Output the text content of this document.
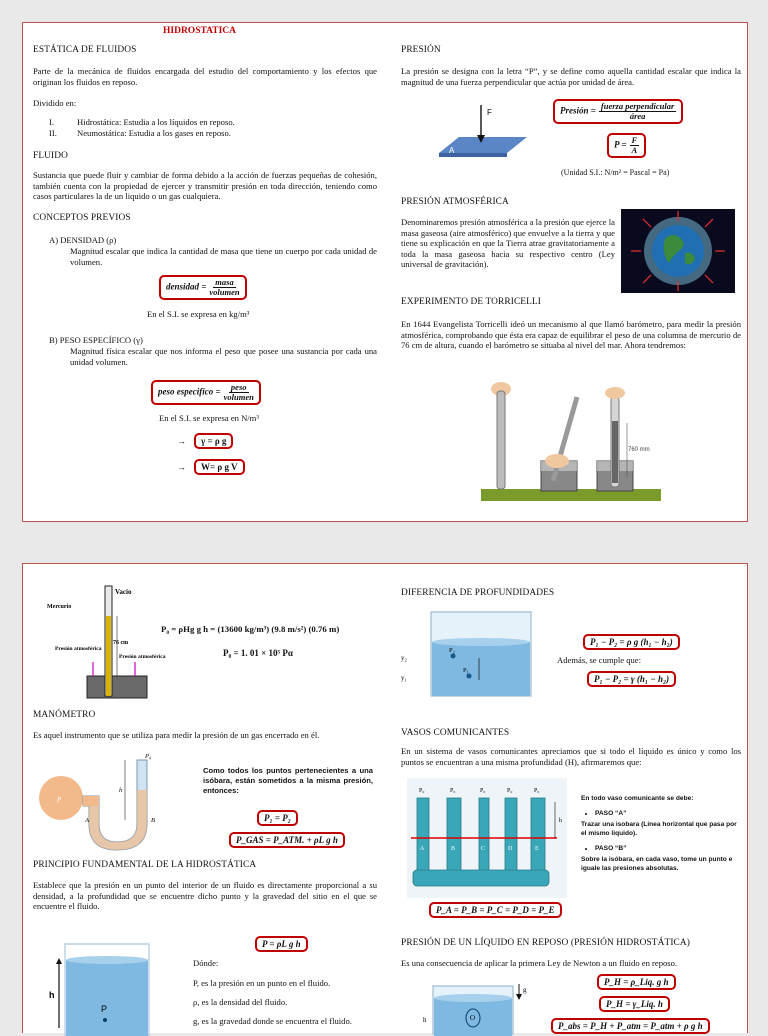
HIDROSTATICA

ESTÁTICA DE FLUIDOS

Parte de la mecánica de fluidos encargada del estudio del comportamiento y los efectos que originan los fluidos en reposo.

Dividido en:

I.	Hidrostática: Estudia a los líquidos en reposo.
II. Neumostática: Estudia a los gases en reposo.

FLUIDO

Sustancia que puede fluir y cambiar de forma debido a la acción de fuerzas pequeñas de cohesión, también cuenta con la propiedad de ejercer y transmitir presión en toda dirección, teniendo como casos particulares la de un liquido o un gas cualquiera.

CONCEPTOS PREVIOS

A) DENSIDAD (ρ)

Magnitud escalar que indica la cantidad de masa que tiene un cuerpo por cada unidad de volumen.

densidad = $\frac{\text{masa}}{\text{volumen}}$

En el S.I. se expresa en kg/m³

B) PESO ESPECÍFICO (γ)

Magnitud física escalar que nos informa el peso que posee una sustancia por cada una unidad volumen.

peso especifico = $\frac{\text{peso}}{\text{volumen}}$

En el S.I. se expresa en N/m³

→ γ = ρ g
→ W= ρ g V

PRESIÓN

La presión se designa con la letra “P”, y se define como aquella cantidad escalar que indica la magnitud de una fuerza perpendicular que actúa por unidad de área.

F
A
Presión = $\frac{\text{fuerza perpendicular}}{\text{área}}$
$P = \frac{F}{A}$

(Unidad S.I.: N/m² = Pascal = Pa)

PRESIÓN ATMOSFÉRICA

Denominaremos presión atmosférica a la presión que ejerce la masa gaseosa (aire atmosférico) que envuelve a la tierra y que tiene su explicación en que la Tierra atrae gravitatoriamente a toda la masa gaseosa hacia su respectivo centro (Ley universal de gravitación).

EXPERIMENTO DE TORRICELLI

En 1644 Evangelista Torricelli ideó un mecanismo al que llamó barómetro, para medir la presión atmosférica, comprobando que ésta era capaz de equilibrar el peso de una columna de mercurio de 76 cm de altura, cuando el barómetro se situaba al nivel del mar. Ahora tendremos:

760 mm
Vacío
Mercurio
76 cm
Presión atmosférica
Presión atmosférica

P₀ = ρHg g h = (13600 kg/m³) (9.8 m/s²) (0.76 m)

P₀ = 1. 01 × 10⁵ Pα

MANÓMETRO

Es aquel instrumento que se utiliza para medir la presión de un gas encerrado en él.

P₀
h
P
A	B

Como todos los puntos pertenecientes a una isóbara, están sometidos a la misma presión, entonces:

P₁ = P₂
P_GAS = P_ATM. + ρL g h

PRINCIPIO FUNDAMENTAL DE LA HIDROSTÁTICA

Establece que la presión en un punto del interior de un fluido es directamente proporcional a su densidad, a la profundidad que se encuentre dicho punto y la gravedad del sitio en el que se encuentre el fluido.

h
P
P = ρL g h

Dónde:

P, es la presión en un punto en el fluido.

ρ, es la densidad del fluido.

g, es la gravedad donde se encuentra el fluido.

DIFERENCIA DE PROFUNDIDADES

y₂
y₁
P₂
P₁
P₁ − P₂ = ρ g (h₁ − h₂)

Además, se cumple que:

P₁ − P₂ = γ (h₁ − h₂)

VASOS COMUNICANTES

En un sistema de vasos comunicantes apreciamos que si todo el líquido es único y como los puntos se encuentran a una misma profundidad (H), afirmaremos que:

P₀	P₀	P₀	P₀	P₀
A	B	C	D	E
h
En todo vaso comunicante se debe:
• PASO “A”
Trazar una isobara (Linea horizontal que pasa por el mismo liquido).
• PASO “B”
Sobre la isóbara, en cada vaso, tome un punto e iguale las presiones absolutas.
P_A = P_B = P_C = P_D = P_E

PRESIÓN DE UN LÍQUIDO EN REPOSO (PRESIÓN HIDROSTÁTICA)

Es una consecuencia de aplicar la primera Ley de Newton a un fluido en reposo.

g
h	O
P_H = ρ_Liq. g h
P_H = γ_Liq. h
P_abs = P_H + P_atm = P_atm + ρ g h
